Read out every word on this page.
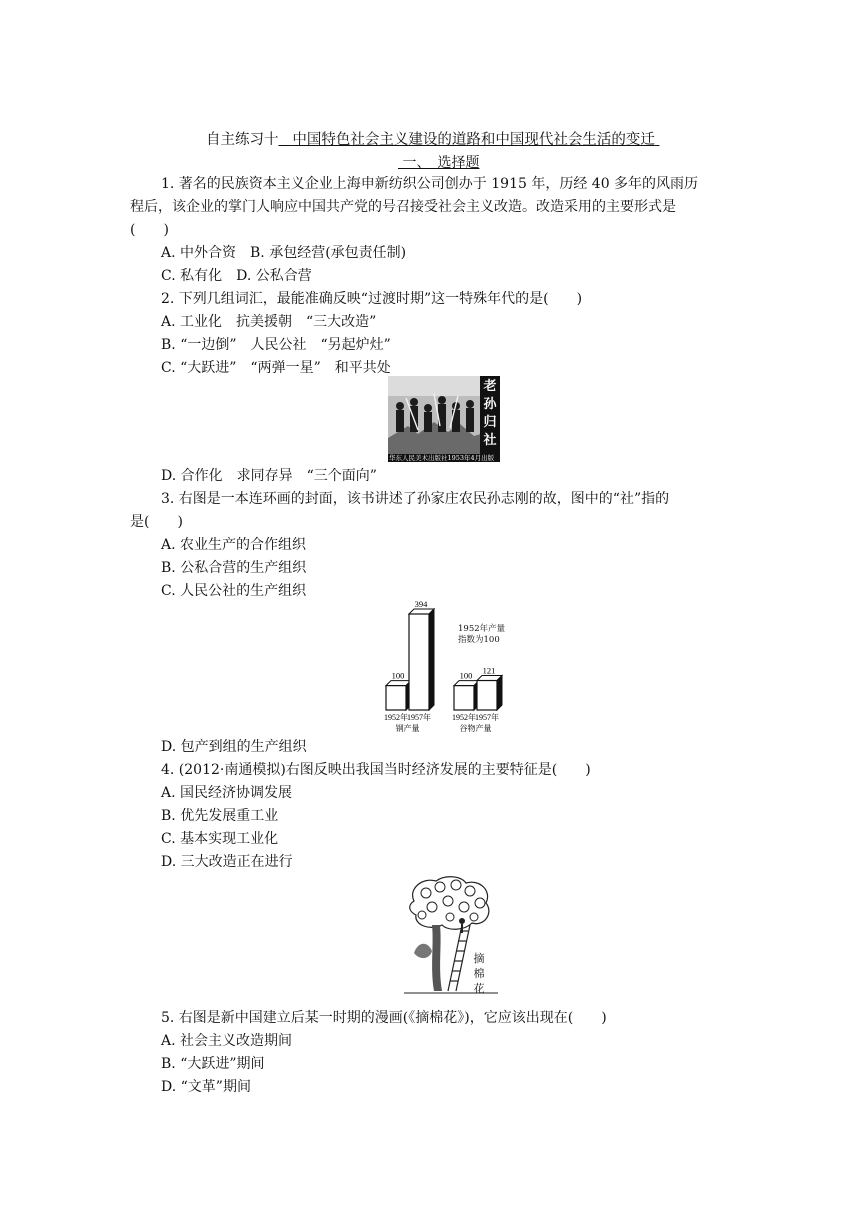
自主练习十 中国特色社会主义建设的道路和中国现代社会生活的变迁
一、　选择题
1. 著名的民族资本主义企业上海申新纺织公司创办于 1915 年，历经 40 多年的风雨历
程后，该企业的掌门人响应中国共产党的号召接受社会主义改造。改造采用的主要形式是
(　　)
A. 中外合资　B. 承包经营(承包责任制)
C. 私有化　D. 公私合营
2. 下列几组词汇，最能准确反映“过渡时期”这一特殊年代的是(　　)
A. 工业化　抗美援朝　“三大改造”
B. “一边倒”　人民公社　“另起炉灶”
C. “大跃进”　“两弹一星”　和平共处
老
孙
归
社
华东人民美术出版社1953年4月出版
D. 合作化　求同存异　“三个面向”
3. 右图是一本连环画的封面，该书讲述了孙家庄农民孙志刚的故，图中的“社”指的
是(　　)
A. 农业生产的合作组织
B. 公私合营的生产组织
C. 人民公社的生产组织
100
1952年
394
1957年
钢产量
100
1952年
121
1957年
谷物产量
1952年产量
指数为100
D. 包产到组的生产组织
4. (2012·南通模拟)右图反映出我国当时经济发展的主要特征是(　　)
A. 国民经济协调发展
B. 优先发展重工业
C. 基本实现工业化
D. 三大改造正在进行
摘
棉
花
5. 右图是新中国建立后某一时期的漫画(《摘棉花》)，它应该出现在(　　)
A. 社会主义改造期间
B. “大跃进”期间
D. “文革”期间
